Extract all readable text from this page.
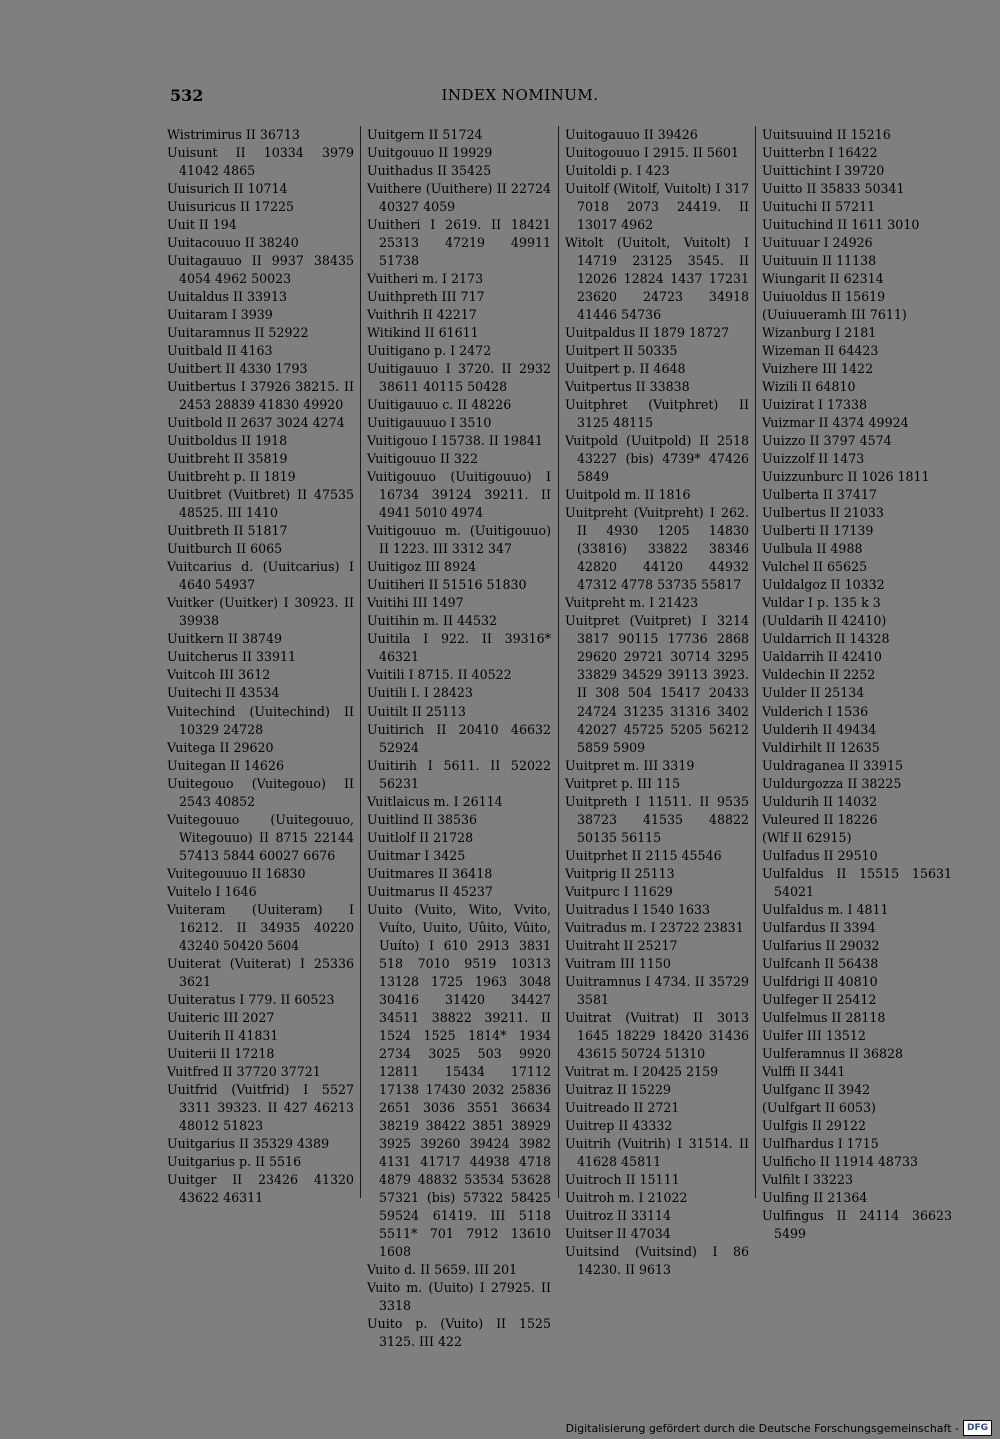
532	INDEX NOMINUM.
Wistrimirus II 36713
Uuisunt II 10334 3979 41042 4865
Uuisurich II 10714
Uuisuricus II 17225
Uuit II 194
Uuitacouuo II 38240
Uuitagauuo II 9937 38435 4054 4962 50023
Uuitaldus II 33913
Uuitaram I 3939
Uuitaramnus II 52922
Uuitbald II 4163
Uuitbert II 4330 1793
Uuitbertus I 37926 38215. II 2453 28839 41830 49920
Uuitbold II 2637 3024 4274
Uuitboldus II 1918
Uuitbreht II 35819
Uuitbreht p. II 1819
Uuitbret (Vuitbret) II 47535 48525. III 1410
Uuitbreth II 51817
Uuitburch II 6065
Vuitcarius d. (Uuitcarius) I 4640 54937
Vuitker (Uuitker) I 30923. II 39938
Uuitkern II 38749
Uuitcherus II 33911
Vuitcoh III 3612
Uuitechi II 43534
Vuitechind (Uuitechind) II 10329 24728
Vuitega II 29620
Uuitegan II 14626
Uuitegouo (Vuitegouo) II 2543 40852
Vuitegouuo (Uuitegouuo, Witegouuo) II 8715 22144 57413 5844 60027 6676
Vuitegouuuo II 16830
Vuitelo I 1646
Vuiteram (Uuiteram) I 16212. II 34935 40220 43240 50420 5604
Uuiterat (Vuiterat) I 25336 3621
Uuiteratus I 779. II 60523
Uuiteric III 2027
Uuiterih II 41831
Uuiterii II 17218
Vuitfred II 37720 37721
Uuitfrid (Vuitfrid) I 5527 3311 39323. II 427 46213 48012 51823
Uuitgarius II 35329 4389
Uuitgarius p. II 5516
Uuitger II 23426 41320 43622 46311
Uuitgern II 51724
Uuitgouuo II 19929
Uuithadus II 35425
Vuithere (Uuithere) II 22724 40327 4059
Uuitheri I 2619. II 18421 25313 47219 49911 51738
Vuitheri m. I 2173
Uuithpreth III 717
Vuithrih II 42217
Witikind II 61611
Uuitigano p. I 2472
Uuitigauuo I 3720. II 2932 38611 40115 50428
Uuitigauuo c. II 48226
Uuitigauuuo I 3510
Vuitigouo I 15738. II 19841
Vuitigouuo II 322
Vuitigouuo (Uuitigouuo) I 16734 39124 39211. II 4941 5010 4974
Vuitigouuo m. (Uuitigouuo) II 1223. III 3312 347
Uuitigoz III 8924
Uuitiheri II 51516 51830
Vuitihi III 1497
Uuitihin m. II 44532
Uuitila I 922. II 39316* 46321
Vuitili I 8715. II 40522
Uuitili I. I 28423
Uuitilt II 25113
Uuitirich II 20410 46632 52924
Uuitirih I 5611. II 52022 56231
Vuitlaicus m. I 26114
Uuitlind II 38536
Uuitlolf II 21728
Uuitmar I 3425
Uuitmares II 36418
Uuitmarus II 45237
Uuito (Vuito, Wito, Vvito, Vuíto, Uuito, Uûito, Vûito, Uuíto) I 610 2913 3831 518 7010 9519 10313 13128 1725 1963 3048 30416 31420 34427 34511 38822 39211. II 1524 1525 1814* 1934 2734 3025 503 9920 12811 15434 17112 17138 17430 2032 25836 2651 3036 3551 36634 38219 38422 3851 38929 3925 39260 39424 3982 4131 41717 44938 4718 4879 48832 53534 53628 57321 (bis) 57322 58425 59524 61419. III 5118 5511* 701 7912 13610 1608
Vuito d. II 5659. III 201
Vuito m. (Uuito) I 27925. II 3318
Uuito p. (Vuito) II 1525 3125. III 422
Uuitogauuo II 39426
Uuitogouuo I 2915. II 5601
Uuitoldi p. I 423
Uuitolf (Witolf, Vuitolt) I 317 7018 2073 24419. II 13017 4962
Witolt (Uuitolt, Vuitolt) I 14719 23125 3545. II 12026 12824 1437 17231 23620 24723 34918 41446 54736
Uuitpaldus II 1879 18727
Uuitpert II 50335
Uuitpert p. II 4648
Vuitpertus II 33838
Uuitphret (Vuitphret) II 3125 48115
Vuitpold (Uuitpold) II 2518 43227 (bis) 4739* 47426 5849
Uuitpold m. II 1816
Uuitpreht (Vuitpreht) I 262. II 4930 1205 14830 (33816) 33822 38346 42820 44120 44932 47312 4778 53735 55817
Vuitpreht m. I 21423
Uuitpret (Vuitpret) I 3214 3817 90115 17736 2868 29620 29721 30714 3295 33829 34529 39113 3923. II 308 504 15417 20433 24724 31235 31316 3402 42027 45725 5205 56212 5859 5909
Uuitpret m. III 3319
Vuitpret p. III 115
Uuitpreth I 11511. II 9535 38723 41535 48822 50135 56115
Uuitprhet II 2115 45546
Vuitprig II 25113
Vuitpurc I 11629
Uuitradus I 1540 1633
Vuitradus m. I 23722 23831
Uuitraht II 25217
Vuitram III 1150
Uuitramnus I 4734. II 35729 3581
Uuitrat (Vuitrat) II 3013 1645 18229 18420 31436 43615 50724 51310
Vuitrat m. I 20425 2159
Uuitraz II 15229
Uuitreado II 2721
Uuitrep II 43332
Uuitrih (Vuitrih) I 31514. II 41628 45811
Uuitroch II 15111
Uuitroh m. I 21022
Uuitroz II 33114
Uuitser II 47034
Uuitsind (Vuitsind) I 86 14230. II 9613
Uuitsuuind II 15216
Uuitterbn I 16422
Uuittichint I 39720
Uuitto II 35833 50341
Uuituchi II 57211
Uuituchind II 1611 3010
Uuituuar I 24926
Uuituuin II 11138
Wiungarit II 62314
Uuiuoldus II 15619
(Uuiuueramh III 7611)
Wizanburg I 2181
Wizeman II 64423
Vuizhere III 1422
Wizili II 64810
Uuizirat I 17338
Vuizmar II 4374 49924
Uuizzo II 3797 4574
Uuizzolf II 1473
Uuizzunburc II 1026 1811
Uulberta II 37417
Uulbertus II 21033
Uulberti II 17139
Uulbula II 4988
Vulchel II 65625
Uuldalgoz II 10332
Vuldar I p. 135 k 3
(Uuldarih II 42410)
Uuldarrich II 14328
Ualdarrih II 42410
Vuldechin II 2252
Uulder II 25134
Vulderich I 1536
Uulderih II 49434
Vuldirhilt II 12635
Uuldraganea II 33915
Uuldurgozza II 38225
Uuldurih II 14032
Vuleured II 18226
(Wlf II 62915)
Uulfadus II 29510
Uulfaldus II 15515 15631 54021
Uulfaldus m. I 4811
Uulfardus II 3394
Uulfarius II 29032
Uulfcanh II 56438
Uulfdrigi II 40810
Uulfeger II 25412
Uulfelmus II 28118
Uulfer III 13512
Uulferamnus II 36828
Vulffi II 3441
Uulfganc II 3942
(Uulfgart II 6053)
Uulfgis II 29122
Uulfhardus I 1715
Uulficho II 11914 48733
Vulfilt I 33223
Uulfing II 21364
Uulfingus II 24114 36623 5499
Digitalisierung gefördert durch die Deutsche Forschungsgemeinschaft - DFG
